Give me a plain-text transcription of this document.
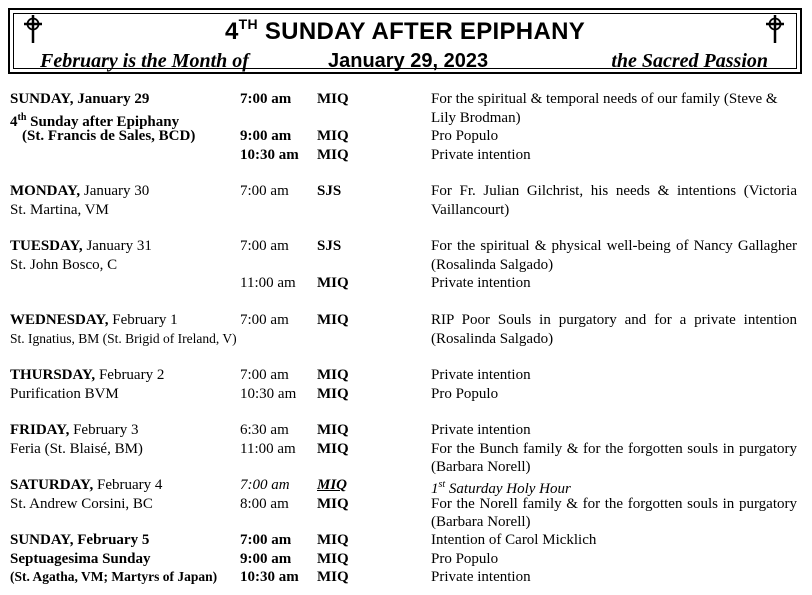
4TH SUNDAY AFTER EPIPHANY
February is the Month of	January 29, 2023	the Sacred Passion
SUNDAY, January 29	7:00 am MIQ	For the spiritual & temporal needs of our family (Steve & Lily Brodman)
4th Sunday after Epiphany
(St. Francis de Sales, BCD)	9:00 am MIQ	Pro Populo
10:30 am MIQ	Private intention
MONDAY, January 30	7:00 am SJS	For Fr. Julian Gilchrist, his needs & intentions (Victoria Vaillancourt)
St. Martina, VM
TUESDAY, January 31	7:00 am SJS	For the spiritual & physical well-being of Nancy Gallagher (Rosalinda Salgado)
St. John Bosco, C
11:00 am MIQ	Private intention
WEDNESDAY, February 1	7:00 am MIQ	RIP Poor Souls in purgatory and for a private intention (Rosalinda Salgado)
St. Ignatius, BM (St. Brigid of Ireland, V)
THURSDAY, February 2	7:00 am MIQ	Private intention
Purification BVM	10:30 am MIQ	Pro Populo
FRIDAY, February 3	6:30 am MIQ	Private intention
Feria (St. Blaisé, BM)	11:00 am MIQ	For the Bunch family & for the forgotten souls in purgatory (Barbara Norell)
SATURDAY, February 4	7:00 am MIQ	1st Saturday Holy Hour
St. Andrew Corsini, BC	8:00 am MIQ	For the Norell family & for the forgotten souls in purgatory (Barbara Norell)
SUNDAY, February 5	7:00 am MIQ	Intention of Carol Micklich
Septuagesima Sunday	9:00 am MIQ	Pro Populo
(St. Agatha, VM; Martyrs of Japan) 10:30 am MIQ	Private intention
